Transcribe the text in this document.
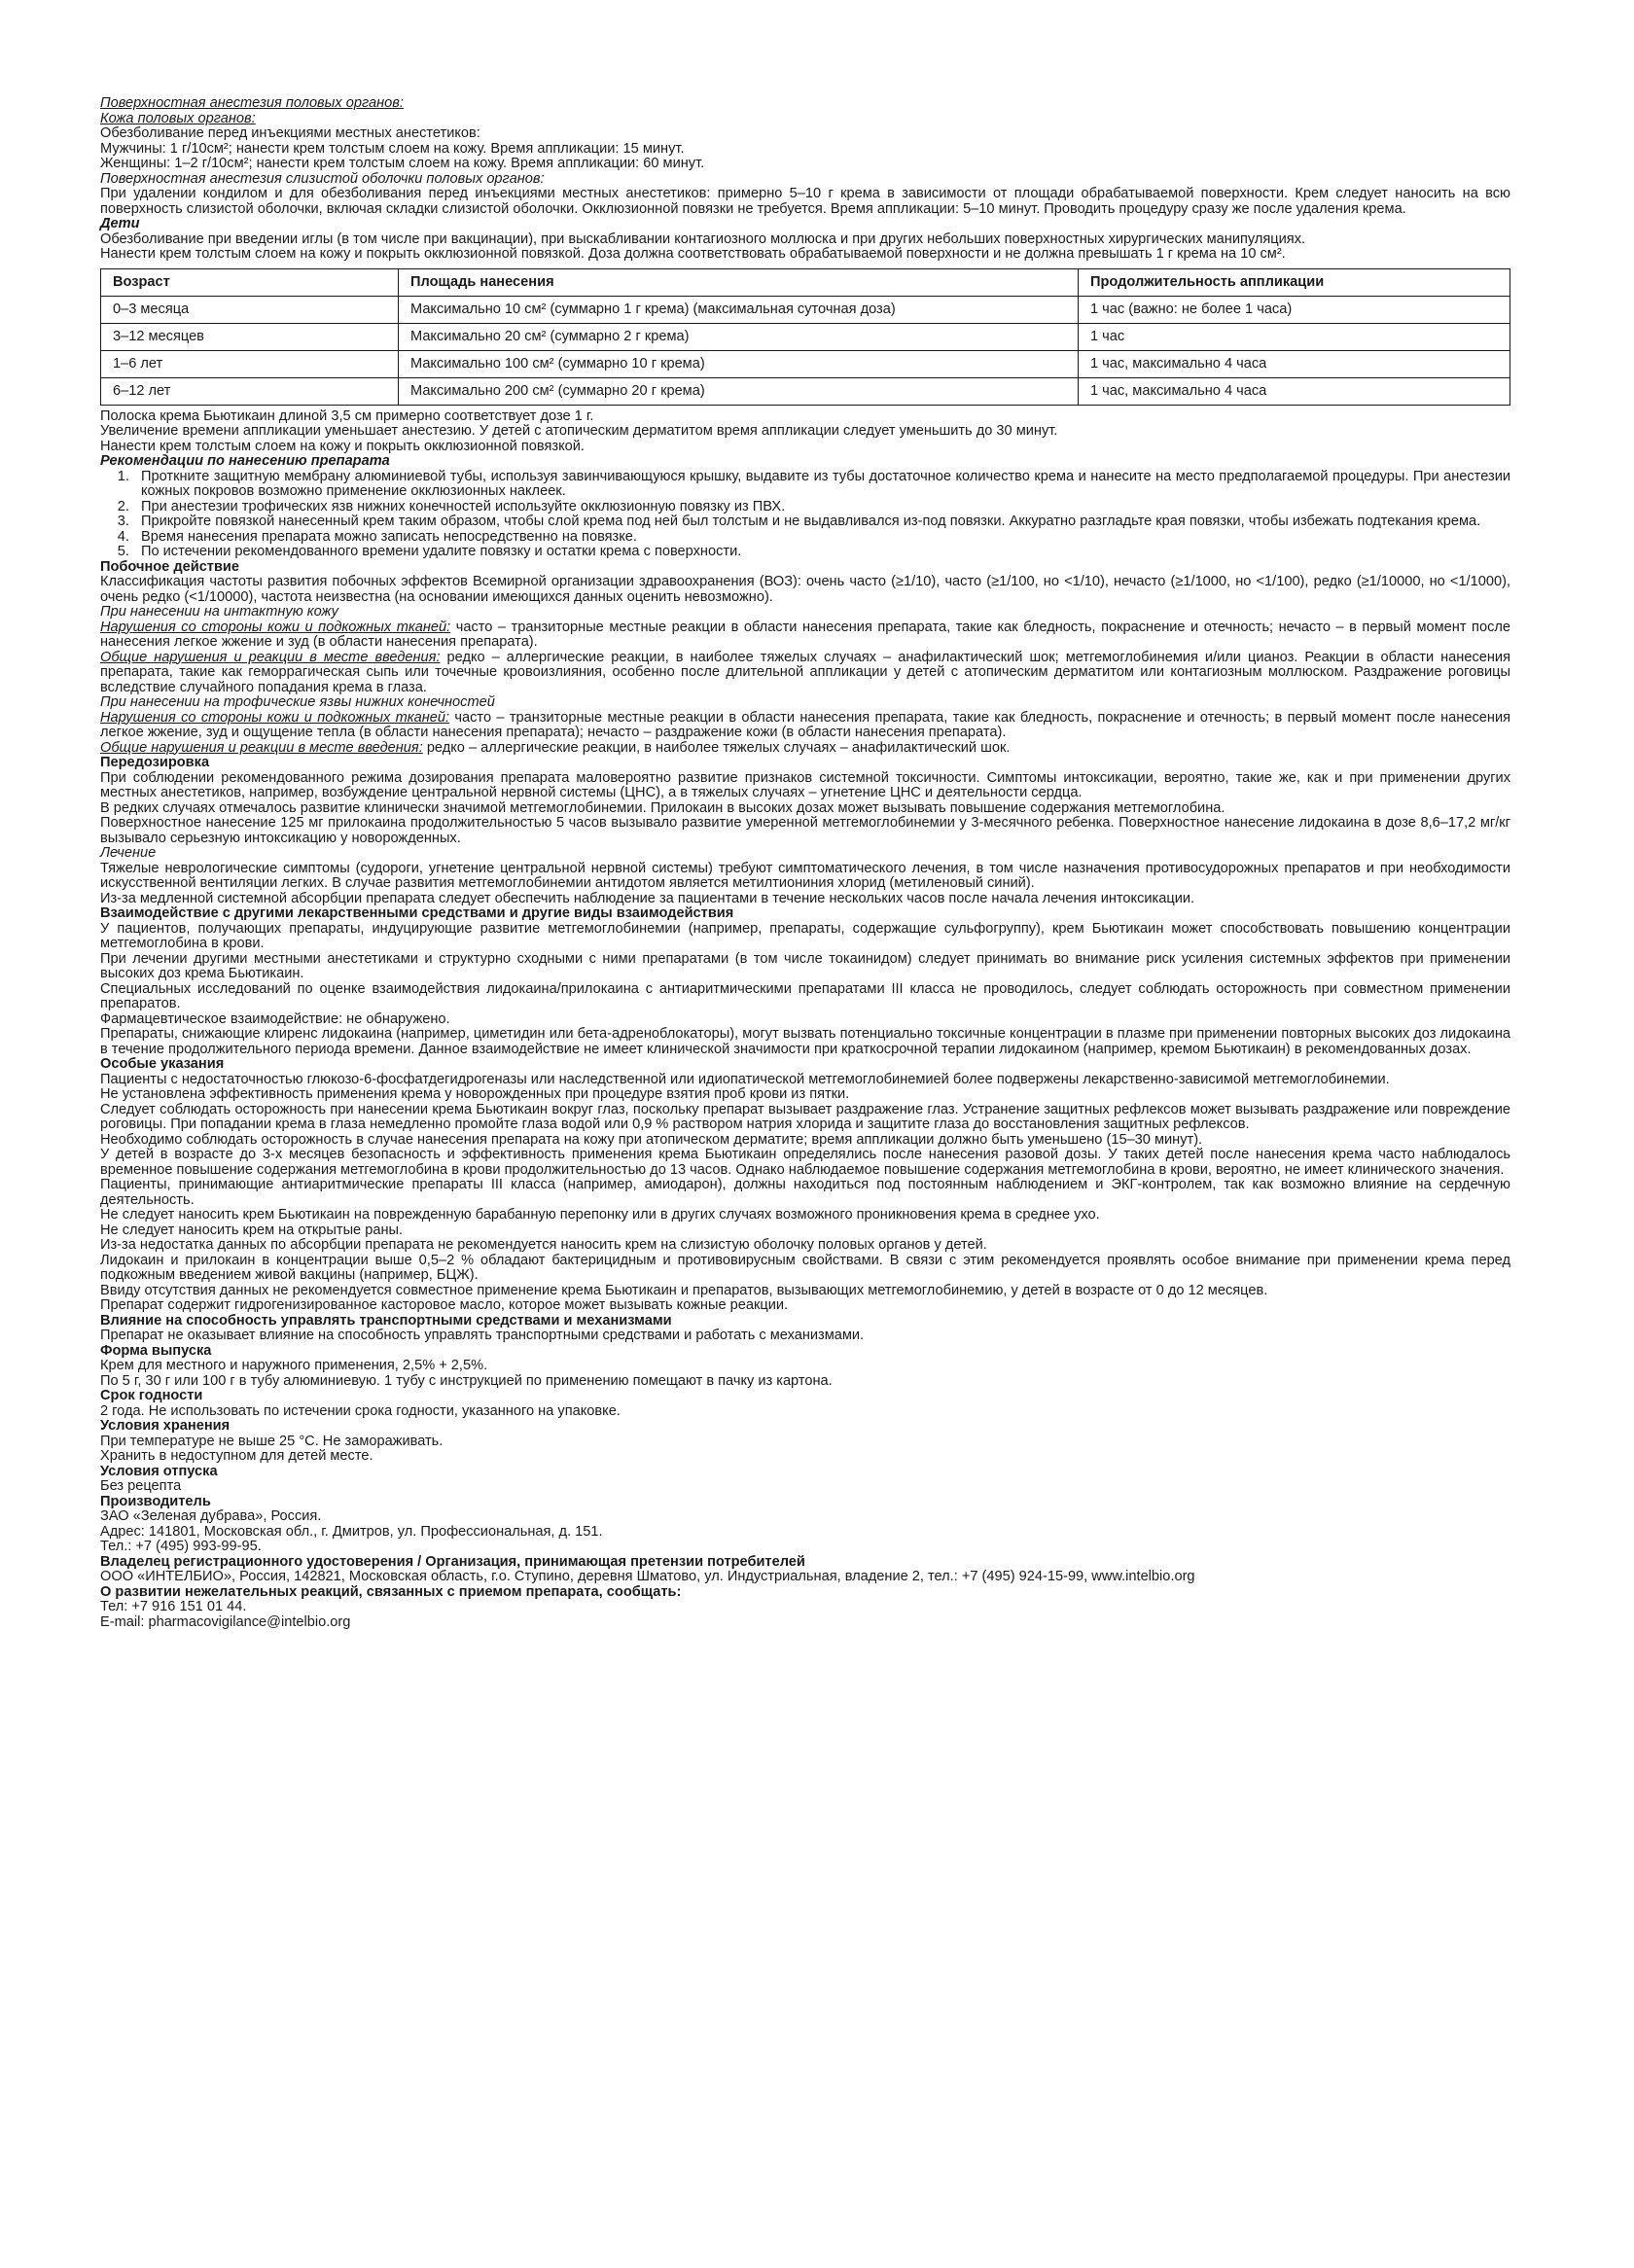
Поверхностная анестезия половых органов:

Кожа половых органов:

Обезболивание перед инъекциями местных анестетиков:

Мужчины: 1 г/10см²; нанести крем толстым слоем на кожу. Время аппликации: 15 минут.

Женщины: 1–2 г/10см²; нанести крем толстым слоем на кожу. Время аппликации: 60 минут.

Поверхностная анестезия слизистой оболочки половых органов:

При удалении кондилом и для обезболивания перед инъекциями местных анестетиков: примерно 5–10 г крема в зависимости от площади обрабатываемой поверхности. Крем следует наносить на всю поверхность слизистой оболочки, включая складки слизистой оболочки. Окклюзионной повязки не требуется. Время аппликации: 5–10 минут. Проводить процедуру сразу же после удаления крема.

Дети

Обезболивание при введении иглы (в том числе при вакцинации), при выскабливании контагиозного моллюска и при других небольших поверхностных хирургических манипуляциях.

Нанести крем толстым слоем на кожу и покрыть окклюзионной повязкой. Доза должна соответствовать обрабатываемой поверхности и не должна превышать 1 г крема на 10 см².

Возраст	Площадь нанесения	Продолжительность аппликации
0–3 месяца	Максимально 10 см² (суммарно 1 г крема) (максимальная суточная доза)	1 час (важно: не более 1 часа)
3–12 месяцев	Максимально 20 см² (суммарно 2 г крема)	1 час
1–6 лет	Максимально 100 см² (суммарно 10 г крема)	1 час, максимально 4 часа
6–12 лет	Максимально 200 см² (суммарно 20 г крема)	1 час, максимально 4 часа

Полоска крема Бьютикаин длиной 3,5 см примерно соответствует дозе 1 г.

Увеличение времени аппликации уменьшает анестезию. У детей с атопическим дерматитом время аппликации следует уменьшить до 30 минут.

Нанести крем толстым слоем на кожу и покрыть окклюзионной повязкой.

Рекомендации по нанесению препарата

1. Проткните защитную мембрану алюминиевой тубы, используя завинчивающуюся крышку, выдавите из тубы достаточное количество крема и нанесите на место предполагаемой процедуры. При анестезии кожных покровов возможно применение окклюзионных наклеек.
2. При анестезии трофических язв нижних конечностей используйте окклюзионную повязку из ПВХ.
3. Прикройте повязкой нанесенный крем таким образом, чтобы слой крема под ней был толстым и не выдавливался из-под повязки. Аккуратно разгладьте края повязки, чтобы избежать подтекания крема.
4. Время нанесения препарата можно записать непосредственно на повязке.
5. По истечении рекомендованного времени удалите повязку и остатки крема с поверхности.

Побочное действие

Классификация частоты развития побочных эффектов Всемирной организации здравоохранения (ВОЗ): очень часто (≥1/10), часто (≥1/100, но <1/10), нечасто (≥1/1000, но <1/100), редко (≥1/10000, но <1/1000), очень редко (<1/10000), частота неизвестна (на основании имеющихся данных оценить невозможно).

При нанесении на интактную кожу

Нарушения со стороны кожи и подкожных тканей: часто – транзиторные местные реакции в области нанесения препарата, такие как бледность, покраснение и отечность; нечасто – в первый момент после нанесения легкое жжение и зуд (в области нанесения препарата).

Общие нарушения и реакции в месте введения: редко – аллергические реакции, в наиболее тяжелых случаях – анафилактический шок; метгемоглобинемия и/или цианоз. Реакции в области нанесения препарата, такие как геморрагическая сыпь или точечные кровоизлияния, особенно после длительной аппликации у детей с атопическим дерматитом или контагиозным моллюском. Раздражение роговицы вследствие случайного попадания крема в глаза.

При нанесении на трофические язвы нижних конечностей

Нарушения со стороны кожи и подкожных тканей: часто – транзиторные местные реакции в области нанесения препарата, такие как бледность, покраснение и отечность; в первый момент после нанесения легкое жжение, зуд и ощущение тепла (в области нанесения препарата); нечасто – раздражение кожи (в области нанесения препарата).

Общие нарушения и реакции в месте введения: редко – аллергические реакции, в наиболее тяжелых случаях – анафилактический шок.

Передозировка

При соблюдении рекомендованного режима дозирования препарата маловероятно развитие признаков системной токсичности. Симптомы интоксикации, вероятно, такие же, как и при применении других местных анестетиков, например, возбуждение центральной нервной системы (ЦНС), а в тяжелых случаях – угнетение ЦНС и деятельности сердца.

В редких случаях отмечалось развитие клинически значимой метгемоглобинемии. Прилокаин в высоких дозах может вызывать повышение содержания метгемоглобина.

Поверхностное нанесение 125 мг прилокаина продолжительностью 5 часов вызывало развитие умеренной метгемоглобинемии у 3-месячного ребенка. Поверхностное нанесение лидокаина в дозе 8,6–17,2 мг/кг вызывало серьезную интоксикацию у новорожденных.

Лечение

Тяжелые неврологические симптомы (судороги, угнетение центральной нервной системы) требуют симптоматического лечения, в том числе назначения противосудорожных препаратов и при необходимости искусственной вентиляции легких. В случае развития метгемоглобинемии антидотом является метилтиониния хлорид (метиленовый синий).

Из-за медленной системной абсорбции препарата следует обеспечить наблюдение за пациентами в течение нескольких часов после начала лечения интоксикации.

Взаимодействие с другими лекарственными средствами и другие виды взаимодействия

У пациентов, получающих препараты, индуцирующие развитие метгемоглобинемии (например, препараты, содержащие сульфогруппу), крем Бьютикаин может способствовать повышению концентрации метгемоглобина в крови.

При лечении другими местными анестетиками и структурно сходными с ними препаратами (в том числе токаинидом) следует принимать во внимание риск усиления системных эффектов при применении высоких доз крема Бьютикаин.

Специальных исследований по оценке взаимодействия лидокаина/прилокаина с антиаритмическими препаратами III класса не проводилось, следует соблюдать осторожность при совместном применении препаратов.

Фармацевтическое взаимодействие: не обнаружено.

Препараты, снижающие клиренс лидокаина (например, циметидин или бета-адреноблокаторы), могут вызвать потенциально токсичные концентрации в плазме при применении повторных высоких доз лидокаина в течение продолжительного периода времени. Данное взаимодействие не имеет клинической значимости при краткосрочной терапии лидокаином (например, кремом Бьютикаин) в рекомендованных дозах.

Особые указания

Пациенты с недостаточностью глюкозо-6-фосфатдегидрогеназы или наследственной или идиопатической метгемоглобинемией более подвержены лекарственно-зависимой метгемоглобинемии.

Не установлена эффективность применения крема у новорожденных при процедуре взятия проб крови из пятки.

Следует соблюдать осторожность при нанесении крема Бьютикаин вокруг глаз, поскольку препарат вызывает раздражение глаз. Устранение защитных рефлексов может вызывать раздражение или повреждение роговицы. При попадании крема в глаза немедленно промойте глаза водой или 0,9 % раствором натрия хлорида и защитите глаза до восстановления защитных рефлексов.

Необходимо соблюдать осторожность в случае нанесения препарата на кожу при атопическом дерматите; время аппликации должно быть уменьшено (15–30 минут).

У детей в возрасте до 3-х месяцев безопасность и эффективность применения крема Бьютикаин определялись после нанесения разовой дозы. У таких детей после нанесения крема часто наблюдалось временное повышение содержания метгемоглобина в крови продолжительностью до 13 часов. Однако наблюдаемое повышение содержания метгемоглобина в крови, вероятно, не имеет клинического значения.

Пациенты, принимающие антиаритмические препараты III класса (например, амиодарон), должны находиться под постоянным наблюдением и ЭКГ-контролем, так как возможно влияние на сердечную деятельность.

Не следует наносить крем Бьютикаин на поврежденную барабанную перепонку или в других случаях возможного проникновения крема в среднее ухо.

Не следует наносить крем на открытые раны.

Из-за недостатка данных по абсорбции препарата не рекомендуется наносить крем на слизистую оболочку половых органов у детей.

Лидокаин и прилокаин в концентрации выше 0,5–2 % обладают бактерицидным и противовирусным свойствами. В связи с этим рекомендуется проявлять особое внимание при применении крема перед подкожным введением живой вакцины (например, БЦЖ).

Ввиду отсутствия данных не рекомендуется совместное применение крема Бьютикаин и препаратов, вызывающих метгемоглобинемию, у детей в возрасте от 0 до 12 месяцев.

Препарат содержит гидрогенизированное касторовое масло, которое может вызывать кожные реакции.

Влияние на способность управлять транспортными средствами и механизмами

Препарат не оказывает влияние на способность управлять транспортными средствами и работать с механизмами.

Форма выпуска

Крем для местного и наружного применения, 2,5% + 2,5%.

По 5 г, 30 г или 100 г в тубу алюминиевую. 1 тубу с инструкцией по применению помещают в пачку из картона.

Срок годности

2 года. Не использовать по истечении срока годности, указанного на упаковке.

Условия хранения

При температуре не выше 25 °С. Не замораживать.

Хранить в недоступном для детей месте.

Условия отпуска

Без рецепта

Производитель

ЗАО «Зеленая дубрава», Россия.

Адрес: 141801, Московская обл., г. Дмитров, ул. Профессиональная, д. 151.

Тел.: +7 (495) 993-99-95.

Владелец регистрационного удостоверения / Организация, принимающая претензии потребителей

ООО «ИНТЕЛБИО», Россия, 142821, Московская область, г.о. Ступино, деревня Шматово, ул. Индустриальная, владение 2, тел.: +7 (495) 924-15-99, www.intelbio.org

О развитии нежелательных реакций, связанных с приемом препарата, сообщать:

Тел: +7 916 151 01 44.

E-mail: pharmacovigilance@intelbio.org
